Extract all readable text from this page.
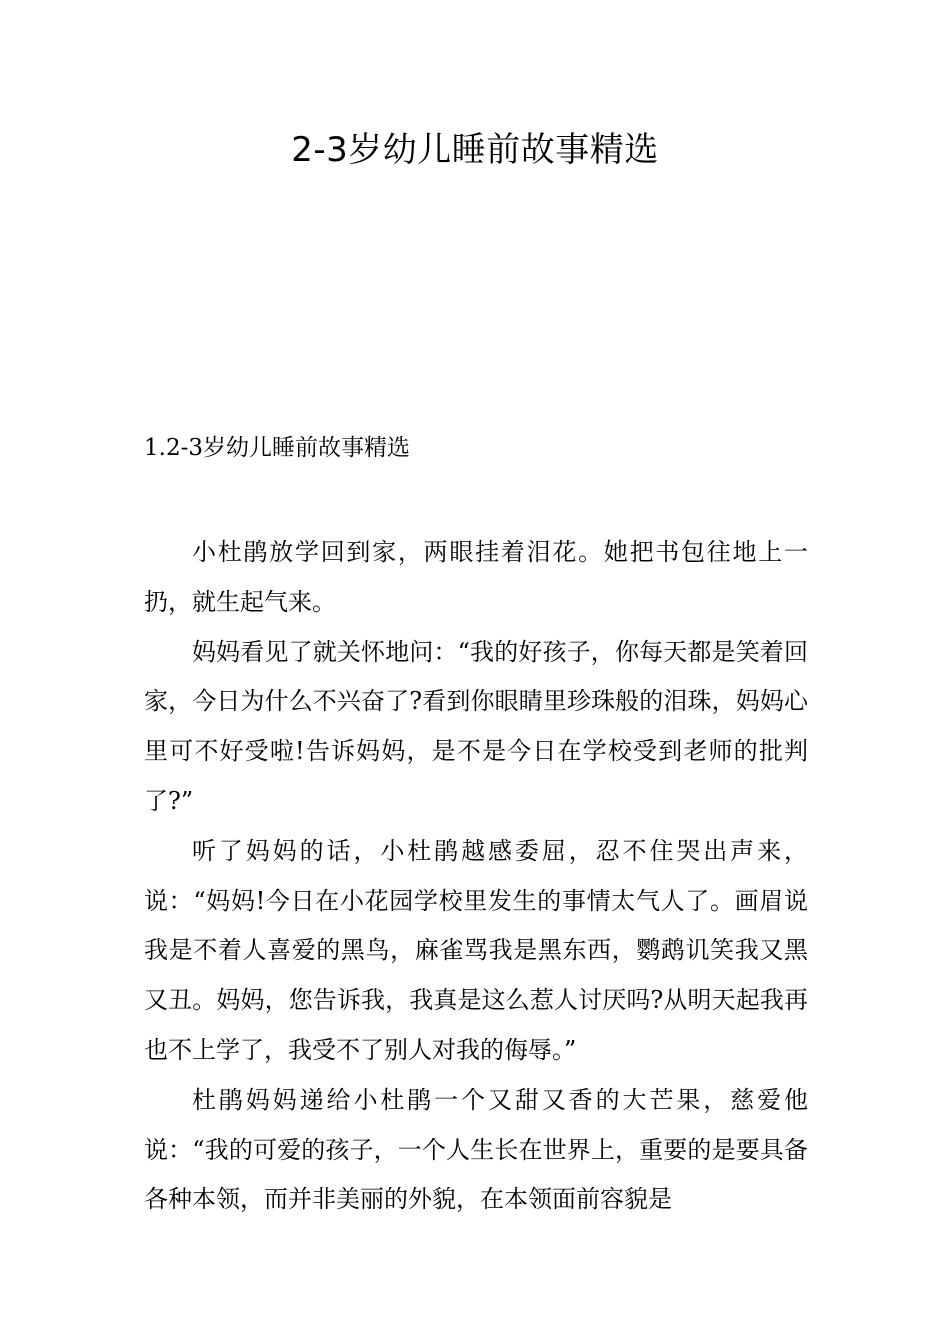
2-3岁幼儿睡前故事精选
1.2-3岁幼儿睡前故事精选

小杜鹃放学回到家，两眼挂着泪花。她把书包往地上一扔，就生起气来。

妈妈看见了就关怀地问：“我的好孩子，你每天都是笑着回家，今日为什么不兴奋了?看到你眼睛里珍珠般的泪珠，妈妈心里可不好受啦!告诉妈妈，是不是今日在学校受到老师的批判了?”

听了妈妈的话，小杜鹃越感委屈，忍不住哭出声来，说：“妈妈!今日在小花园学校里发生的事情太气人了。画眉说我是不着人喜爱的黑鸟，麻雀骂我是黑东西，鹦鹉讥笑我又黑又丑。妈妈，您告诉我，我真是这么惹人讨厌吗?从明天起我再也不上学了，我受不了别人对我的侮辱。”

杜鹃妈妈递给小杜鹃一个又甜又香的大芒果，慈爱他说：“我的可爱的孩子，一个人生长在世界上，重要的是要具备各种本领，而并非美丽的外貌，在本领面前容貌是
